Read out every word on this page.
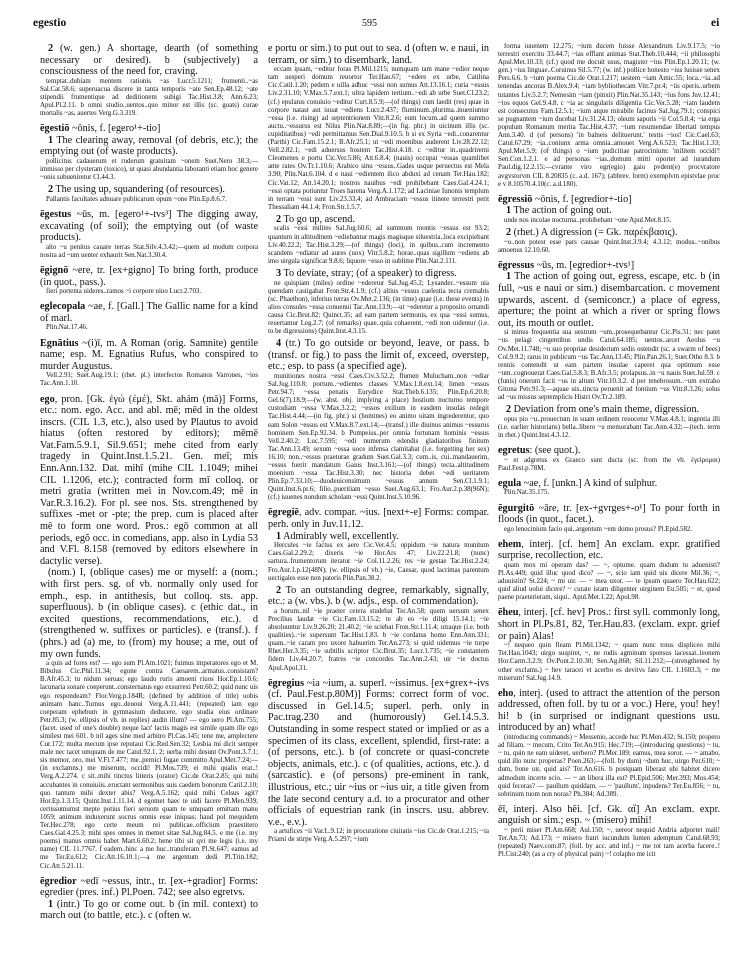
egestio	595	ei

2 (w. gen.) A shortage, dearth (of something necessary or desired). b (subjectively) a consciousness of the need for, craving.

temptat..dubiam mentem rationis ~as Lucr.5.1211; frumenti..~as Sal.Cat.58.6; superuacua discere in tanta temporis ~ate Sen.Ep.48.12; ~ate stipendii frumentique ad deditionem subigi Tac.Hist.3.8; Ann.6.23; Apul.Pl.2.11. b omni studio..uentos..quo minor est illis (sc. goats) curae mortalis ~as, auertes Verg.G.3.319.

ēgestiō ~ōnis, f. [egero¹+-tio]

1 The clearing away, removal (of debris, etc.); the emptying out (of waste products).

pollicitus cadauerum et ruderum gratuitam ~onem Suet.Nero 38.3;—immisso per clysteram (toxico), ut quasi abundantia laboranti etiam hoc genere ~onis subueniretur Cl.44.3.

2 The using up, squandering (of resources).

Pallantis facultates adnuare publicarum opum ~one Plin.Ep.8.6.7.

ēgestus ~ūs, m. [egero¹+-tvs³] The digging away, excavating (of soil); the emptying out (of waste products).

alto ~u penitus cauare terras Stat.Silv.4.3.42;—quem ad modum corpora nostra ad ~um uenter exhaurit Sen.Nat.3.30.4.

ēgignō ~ere, tr. [ex+gigno] To bring forth, produce (in quot., pass.).

fieri portenta uideres..ramos ~i corpore uiuo Lucr.2.703.

eglecopala ~ae, f. [Gall.] The Gallic name for a kind of marl.

Plin.Nat.17.46.

Egnātius ~(i)ī, m. A Roman (orig. Samnite) gentile name; esp. M. Egnatius Rufus, who conspired to murder Augustus.

Vell.2.91; Suet.Aug.19.1; (rhet. pl.) interfectos Romanos Varrones, ~ios Tac.Ann.1.10.

ego, pron. [Gk. ἐγώ (ἐμέ), Skt. ahám (mā)] Forms, etc.: nom. ego. Acc. and abl. mē; mēd in the oldest inscrs. (CIL 1.3, etc.), also used by Plautus to avoid hiatus (often restored by editors); mēmē Vat.Fam.5.9.1, Sil.9.651; mehe cited from early tragedy in Quint.Inst.1.5.21. Gen. meī; mis Enn.Ann.132. Dat. mihī (mihe CIL 1.1049; mihei CIL 1.1206, etc.); contracted form mī colloq. or metri gratia (written mei in Nov.com.49; mē in Var.R.3.16.2). For pl. see nos. Sts. strengthened by suffixes -met or -pte; the prep. cum is placed after mē to form one word. Pros.: egō common at all periods, egŏ occ. in comedians, app. also in Lydia 53 and V.Fl. 8.158 (removed by editors elsewhere in dactylic verse).

(nom.) I, (oblique cases) me or myself: a (nom.; with first pers. sg. of vb. normally only used for emph., esp. in antithesis, but colloq. sts. app. superfluous). b (in oblique cases). c (ethic dat., in excited questions, recommendations, etc.). d (strengthened w. suffixes or particles). e (transf.). f (phrs.) ad (a) me, to (from) my house; a me, out of my own funds.

a quis ad fores est? — ego sum Pl.Am.1021; fuimus imperatores ego et M. Bibulus Cic.Phil.11.34; egone contra Caesarem..armatus..consistam? B.Afr.45.3; tu nidum seruas; ego laudo ruris amoeni riuos Hor.Ep.1.10.6; lacunaria sonare coeperunt..consternatus ego exsurrexi Petr.60.2; quid nunc uis ego respondeam? Flor.Verg.p.184R; (defined by addition of title) uobis animam hanc..Turnus ego..deuoui Verg.A.11.441; (repeated) iam ego coeperam ephebum in gymnasium deducere, ego studia eius ordinare Petr.85.3; (w. ellipsis of vb. in replies) audin illum? — ego uero Pl.Am.755; (facet. used of one's double) neque lact' lactis magis est simile quam ille ego similest mei 601. b nil ages sine med arbitro Pl.Cas.145; tene me, amplectere Cur.172; multa mecum ipse reputaui Cic.Red.Sen.32; Lesbia mi dicit semper male nec tacet umquam de me Catul.92.1, 2; uerba mihi desunt Ov.Pont.3.7.1; sis memor, oro, mei V.Fl.7.477; me..pernici fugae committo Apul.Met.7.24;—(in exclamns.) me miserum, occidi! Pl.Mos.739; ei mihi qualis erat..! Verg.A.2.274. c sit..mihi tinctus litteris (orator) Cic.de Orat.2.85; qui mihi accubantes in conuiuiis..eructant sermonibus suis caedem bonorum Catil.2.10; quo tantum mihi dexter abis? Verg.A.5.162; quid mihi Celsus agit? Hor.Ep.1.3.15; Quint.Inst.1.11.14. d egomet haec te uidi facere Pl.Men.939; certissumumst mepte potius fieri seruom quam te umquam emittam manu 1059; animum induxerunt socrus omnis esse iniquas; haud pol mequidem Ter.Hec.278; ego certe meum rei publicae..officium praestitero Caes.Gal.4.25.3; mihi spes omnes in memet sitae Sal.Jug.84.5. e me (i.e. my poems) manus omnis habet Mart.6.60.2; bene tibi sit qvi me legis (i.e. my name) CIL 11.7767. f eadem..hinc a me huc..transferam Pl.St.647; eamus ad me Ter.Eu.612; Cic.Att.16.10.1;—a me argentum dedi Pl.Trin.182; Cic.Att.5.21.11.

ēgredior ~edī ~essus, intr., tr. [ex-+gradior] Forms: egredier (pres. inf.) Pl.Poen. 742; see also egretvs.

1 (intr.) To go or come out. b (in mil. context) to march out (to battle, etc.). c (often w.

e portu or sim.) to put out to sea. d (often w. e naui, in terram, or sim.) to disembark, land.

eccam ipsam, ~editur foras Pl.Mil.1215; numquam tam mane ~edior neque tam uesperi domum reuortor Ter.Hau.67; ~edere ex urbe, Catilina Cic.Catil.1.20; pedem e uilla adhuc ~essi non sumus Att.13.16.1; curia ~essus Liv.2.31.10; V.Max.5.7.ext.1; ultra lapidem tertium..~edi ab urbe Suet.Cl.23.2; (cf.) epulatus conuiuio ~editur Curt.8.5.9;—(of things) cum laedit (res) quae in corpore natast aut iuuat ~ediens Lucr.2.437; fluminum..plurima..inueniuntur ~essa (i.e. rising) ad septentrionem Vitr.8.2.6; eum locum..ad quem summo auctu..~essurus est Nilus Plin.Nat.8.89;—(in fig. phr.) in uicinum illis (sc. cupiditatibus) ~edi permittamus Sen.Dial.9.10.5. b si ex Syria ~edi..conarentur (Parthi) Cic.Fam.15.2.1; B.Afr.25.1; ut ~edi moenibus auderent Liv.28.22.12; Vell.2.82.1; ~edi aduersus hostem Tac.Hist.4.18. c ~editur in..quadriremi Cleomenes e portu Cic.Ver.5.86; Att.6.8.4; (nauis) occupat ~essas quamlibet ante rates Ov.Tr.1.10.6; Arabico sinu ~essus..Gades usque peruectus est Mela 3.90; Plin.Nat.6.104. d e naui ~edientem ilico abduxi ad cenam Ter.Hau.182; Cic.Vat.12; Att.14.20.1; nostros nauibus ~edi prohibebant Caes.Gal.4.24.1; ~essi optata potiuntur Troes harena Verg.A.1.172; ad Laciniae Iunonis templum in terram ~essi sunt Liv.23.33.4; ad Ambraciam ~essus itinere terrestri petit Thessaliam 44.1.4; Fron.Str.1.5.7.

2 To go up, ascend.

scalis ~essi milites Sal.Jug.60.6; ad summum montis ~essus est 93.2; quantum in altitudinem ~ediebantur magis magisque siluestria..loca excipiebant Liv.40.22.2; Tac.Hist.3.29;—(of things) (loci), in quibus..cum incremento scandens ~ediatur ad aures (uox) Vitr.5.8.2; horae..quas sigillum ~ediens ab imo uirgula significat 9.8.6; liquore ~esso in sublime Plin.Nat.2.111.

3 To deviate, stray; (of a speaker) to digress.

ne quispiam (miles) ordine ~ederetur Sal.Jug.45.2; Lysander..~essum uia quendam castigabat Fron.Str.4.1.9; (cf.) altius ~essus caelestia tecta cremabis (sc. Phaethon), inferius terras Ov.Met.2.136; (in time) quae (i.e. these events) in alios consules ~essa conuenui Tac.Ann.13.9;—ut ~ederetur a proposito ornandi causa Cic.Brut.82; Quinct.35; ad eam partem sermonis, ex qua ~essi sumus, reuertamur Leg.2.7; (of remarks) quae..quia cohaerent, ~edi non uidentur (i.e. to be digressions) Quint.Inst.4.3.15.

4 (tr.) To go outside or beyond, leave, or pass. b (transf. or fig.) to pass the limit of, exceed, overstep, etc.; esp. to pass (a specified age).

munitiones nostra ~essi Caes.Civ.3.52.2; flumen Mulucham..non ~ediar Sal.Jug.110.8; portum..~edientes classes V.Max.1.8.ext.14; limen ~essus Petr.94.7; ~essa penatis Eurydice Stat.Theb.6.135; Plin.Ep.6.20.8; Gel.6(7).18.9;—(w. abst. obj. implying a place) hostium nocturno tempore custodiam ~essa V.Max.3.2.2; ~essos exilium in easdem insulas redegit Tac.Hist.4.44;—(in fig. phr.) si (homines) eo animo uitam ingrederentur, quo eam Solon ~essus est V.Max.8.7.ext.14;—(transf.) ille diuinus animus ~essurus hominem Sen.Ep.92.34. b Pompeius..per omnia fortunam hominis ~essus Vell.2.40.2; Luc.7.595; ~edi numerum edendis gladiatoribus finitum Tac.Ann.13.49; sexum ~essa uoce infensa clamitabat (i.e. forgetting her sex) 16.10; non..~essus praeturae gradum Suet.Gal.3.3; cum..is, cui..mandauerim, ~essus fuerit mandatum Gaius Inst.3.161;—(of things) tecta..altitudinem moenium ~essa Tac.Hist.3.30; nec historia debet ~edi ueritatem Plin.Ep.7.33.10;—duodeuicensimum ~essus annum Sen.Cl.1.9.1; Quint.Inst.6.pr.6; filio..pueritiam ~esso Suet.Aug.63.1; Fro.Aur.2.p.38(96N); (cf.) iuuenes nondum scholam ~essi Quint.Inst.5.10.96.

ēgregiē, adv. compar. ~ius. [next+-e] Forms: compar. perh. only in Juv.11.12.

1 Admirably well, excellently.

Hercules ~ie factus ex aere Cic.Ver.4.5; oppidum ~ie natura munitum Caes.Gal.2.29.2; dixeris ~ie Hor.Ars 47; Liv.22.21.8; (nunc) sartura..frumentorum iteratur ~ie Col.11.2.26; res ~ie gestae Tac.Hist.2.24; Fro.Aur.1.p.12(48N); (w. ellipsis of vb.) ~ie, Caesar, quod lacrimas parentum uectigales esse non pateris Plin.Pan.38.2.

2 To an outstanding degree, remarkably, signally, etc.: a (w. vbs.). b (w. adjs., esp. of commendation).

a horum..nil ~ie praeter cetera studebat Ter.An.58; quem uersum senex Precilius laudat ~ie Cic.Fam.13.15.2; te ab eo ~ie diligi 15.14.1; ~ie absoluuntur Liv.9.26.20; 21.40.2; ~ie sciebat Fron.Str.1.11.4; utraque (i.e. both qualities)..~ie supersunt Tac.Hist.1.83. b ~ie cordatus homo Enn.Ann.331; quam..~ie caram pro uxore habuerim Ter.An.273; si quid uidemus ~ie turpe Rhet.Her.3.35; ~ie subtilis scriptor Cic.Brut.35; Lucr.1.735; ~ie constantem fidem Liv.44.20.7; fratres ~ie concordes Tac.Ann.2.43; uir ~ie doctus Apul.Apol.31.

ēgregius ~ia ~ium, a. superl. ~issimus. [ex+grex+-ivs (cf. Paul.Fest.p.80M)] Forms: correct form of voc. discussed in Gel.14.5; superl. perh. only in Pac.trag.230 and (humorously) Gel.14.5.3. Outstanding in some respect stated or implied or as a specimen of its class, excellent, splendid, first-rate: a (of persons, etc.). b (of concrete or quasi-concrete objects, animals, etc.). c (of qualities, actions, etc.). d (sarcastic). e (of persons) pre-eminent in rank, illustrious, etc.; uir ~ius or ~ius uir, a title given from the late second century a.d. to a procurator and other officials of equestrian rank (in inscrs. usu. abbrev. v.e., e.v.).

a artufices ~ii Var.L.9.12; in procuratione ciuitatis ~ius Cic.de Orat.1.215; ~ia Priami de stirpe Verg.A.5.297; ~ium

forma iuuenem 12.275; ~ium ducem fuisse Alexandrum Liv.9.17.5; ~io terrestri exercitu 33.44.7; ~ias efflant animas Stat.Theb.10.444; ~ii philosophi Apul.Met.10.33; (cf.) quod me docuit usus, magister ~ius Plin.Ep.1.20.11; (w. gen.) ~ius linguae..Coruinus Sil.5.77; (w. inf.) pollice honesto ~ius lusisse senex Pers.6.6. b ~ium poema Cic.de Orat.1.217; uestem ~iam Amic.55; loca..~ia..ad tenendas ancoras B.Alex.9.4; ~iam bybliothecam Vitr.7.pr.4; ~iis operis..urbem tutantes Liv.5.2.7; Nemesim ~iam (pinxit) Plin.Nat.35.143; ~ius fons Juv.12.41; ~ios equos Gel.9.4.8. c ~ia ac singularis diligentia Cic.Ver.5.28; ~iam laudem est consecutus Fam.12.5.1; ~ium atque mirabile facinus Sal.Jug.79.1; conspici se pugnantem ~ium ducebat Liv.31.24.13; oleum saporis ~ii Col.5.8.4; ~ia erga populum Romanum merita Tac.Hist.4.37; ~ium resumendae libertati tempus Ann.3.40. d (of persons) 'in balneis delituerunt.' testis ~ios! Cic.Cael.63; Catul.67.29; ~ia..coniunx arma omnia..amouet Verg.A.6.523; Tac.Hist.1.33; Apul.Met.5.9; (of things) o ~ium pudicitiae patrocinium: 'militem occidi'! Sen.Con.1.2.1. e ad personas ~ias..domum mitti oportet ad iurandum Paul.dig.12.2.15;—cvrante viro egr(egio) gaio pvdent(e) procvratore avgvstorvm CIL 8.20835 (c. a.d. 167); (abbrev. form) exemplvm epistvlae proc e v 8.10570.4.10(c. a.d.180).

ēgressiō ~ōnis, f. [egredior+-tio]

1 The action of going out.

unde nos incolae nocturna..prohibebant ~one Apul.Met.8.15.

2 (rhet.) A digression (= Gk. παρέκβασις).

~o..non potest esse pars causae Quint.Inst.3.9.4; 4.3.12; modus..~onibus amoenus 12.10.60.

ēgressus ~ūs, m. [egredior+-tvs¹]

1 The action of going out, egress, escape, etc. b (in full, ~us e naui or sim.) disembarcation. c movement upwards, ascent. d (semiconcr.) a place of egress, aperture; the point at which a river or spring flows out, its mouth or outlet.

si minus frequentia sua uestrum ~um..prosequebantur Cic.Pis.31; nec patet ~us pelagi cingentibus undis Catul.64.185; uentos..arcet Aeolus ~u Ov.Met.11.748; ~u suo propriae desiderium sedis ostendit (sc. a swarm of bees) Col.9.9.2; rarus in publicum ~us Tac.Ann.13.45; Plin.Pan.26.1; Suet.Otho 8.3. b rennis contendit ut eam partem insulae caperet qua optimum esse ~um..cognouerat Caes.Gal.5.8.3; B.Afr.3.5; prolapsus..in ~u nauis Suet.Jul.59. c (funis) onerum facit ~us in altum Vitr.10.3.2. d per tenebrosum..~um extraho Gitona Petr.91.3;—aquae uis..tincta peruenit ad fontium ~us Vitr.8.3.26; solus ad ~us missus septemplicis Histri Ov.Tr.2.189.

2 Deviation from one's main theme, digression.

opus pio ~u..prouectum in suam ordinem reuocetur V.Max.4.8.1; ingentia illi (i.e. earlier historians) bella..libero ~u memorabant Tac.Ann.4.32;—(tech. term in rhet.) Quint.Inst.4.3.12.

egretus: (see quot.).

~ et adgretus ex Graeco sunt ducta (sc. from the vb. ἐγείρομαι) Paul.Fest.p.78M.

egula ~ae, f. [unkn.] A kind of sulphur.

Plin.Nat.35.175.

ēgurgitō ~āre, tr. [ex-+gvrges+-o¹] To pour forth in floods (in quot., facet.).

ego lenocinium facio qui..argentum ~em domo prosus? Pl.Epid.582.

ehem, interj. [cf. hem] An exclam. expr. gratified surprise, recollection, etc.

quam mox mi operam das? — ~, optume. quam dudum tu aduenisti? Pl.As.449; quid illuc quod dico? — ~, scio iam quid uis dicere Mil.36; ~, aduuistin? St.224; ~ mi uir. — ~ mea uxor. — te ipsum quaero Ter.Hau.622; quid aliud uolui dicere? ~ curate istam diligenter uirginem Eu.505; ~ et, quod paene praeterieram, siqui.. Apul.Met.1.22; Apol.98.

ēheu, interj. [cf. hev] Pros.: first syll. commonly long, short in Pl.Ps.81, 82, Ter.Hau.83. (exclam. expr. grief or pain) Alas!

~! nequeo quin fleam Pl.Mil.1342; ~ quam nunc totus displiceo mihi Ter.Hau.1043; uirgo suspiret, ~, ne rudis agminum sponsus lacessat..leonem Hor.Carm.3.2.9; Ov.Pont.2.10.30; Sen.Ag.868; Sil.11.212;—(strengthened by other exclams.) ~ hev taracei vt acerbo es devitvs fato CIL 1.1603.3; ~ me miserum! Sal.Jug.14.9.

eho, interj. (used to attract the attention of the person addressed, often foll. by tu or a voc.) Here, you! hey! hi! b (in surprised or indignant questions usu. introduced by an) what!

(introducing commands) ~ Messenio, accede huc Pl.Men.432; St.150; propero ad filiam. ~ mecum, Crito Ter.An.915; Hec.719;—(introducing questions) ~ tu, ~ tu, quin ne eam uideret, uerbero? Pl.Mer.189; eamus, mea soror. — ~ amabo, quid illo nunc properas? Poen.263;—(foll. by dum) ~dum huc, uirgo Per.610; ~ dum, bone uir, quid ais? Ter.An.616. b postquam liberast ubi habitet dicere admodum incerte scio. — ~ an libera illa est? Pl.Epid.506; Mer.393; Mos.454; quid feceras? — paullum quiddam. — ~ 'paullum', inpudens? Ter.Eu.856; ~ tu, sobrinum tuom non noras? Ph.384; Ad.389.

ēī, interj. Also hēi. [cf. Gk. αἴ] An exclam. expr. anguish or sim.; esp. ~ (misero) mihi!

~ perii miser Pl.Am.668; Aul.150; ~, uereor nequid Andria adportet mali! Ter.An.73; Ad.173; ~ misero fratri iucundum lumen ademptum Catul.68.93; (repeated) Naev.com.87; (foll. by acc. and inf.) ~ me tot tam acerba facere..! Pl.Cist.240; (as a cry of physical pain) ~! colapho me icit
